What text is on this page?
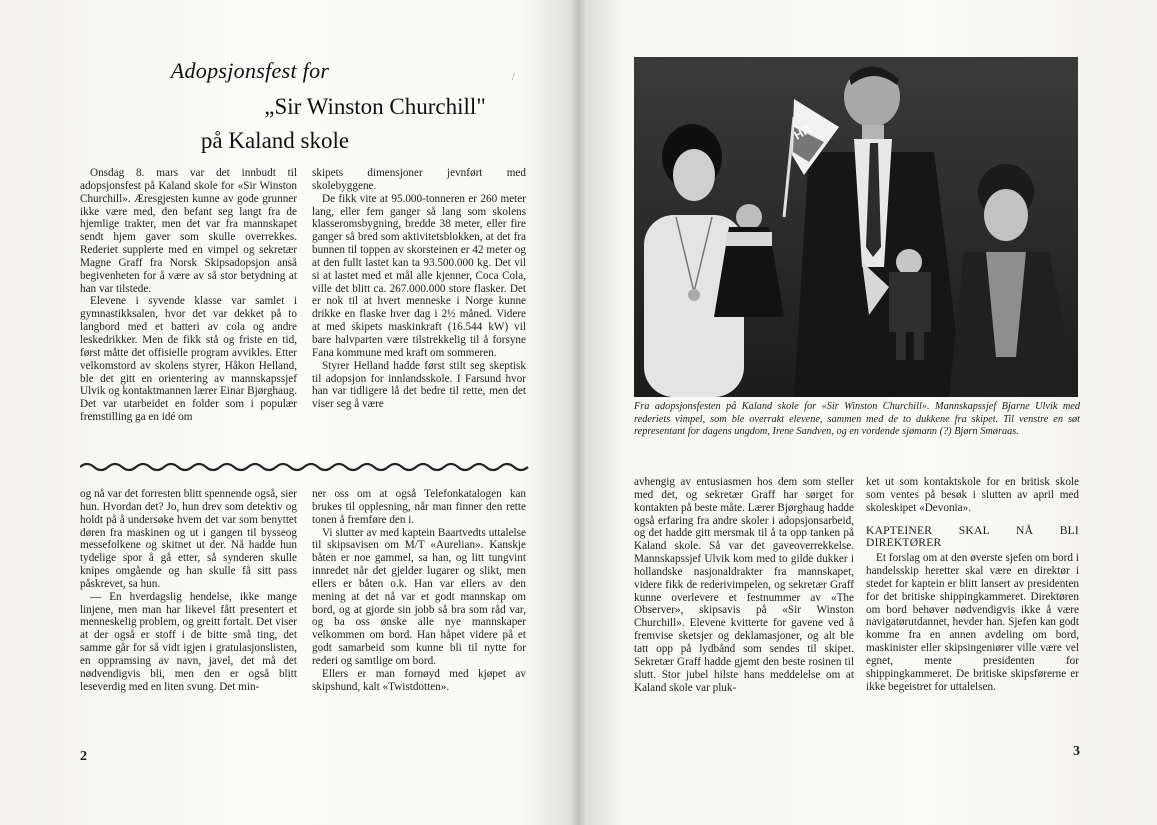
Adopsjonsfest for
„Sir Winston Churchill"
på Kaland skole
/

Onsdag 8. mars var det innbudt til adopsjonsfest på Kaland skole for «Sir Winston Churchill». Æresgjesten kunne av gode grunner ikke være med, den befant seg langt fra de hjemlige trakter, men det var fra mannskapet sendt hjem gaver som skulle overrekkes. Rederiet supplerte med en vimpel og sekretær Magne Graff fra Norsk Skipsadopsjon anså begivenheten for å være av så stor betydning at han var tilstede.

Elevene i syvende klasse var samlet i gymnastikksalen, hvor det var dekket på to langbord med et batteri av cola og andre leskedrikker. Men de fikk stå og friste en tid, først måtte det offisielle program avvikles. Etter velkomstord av skolens styrer, Håkon Helland, ble det gitt en orientering av mannskapssjef Ulvik og kontaktmannen lærer Einar Bjørghaug. Det var utarbeidet en folder som i populær fremstilling ga en idé om

skipets dimensjoner jevnført med skolebyggene.

De fikk vite at 95.000-tonneren er 260 meter lang, eller fem ganger så lang som skolens klasseromsbygning, bredde 38 meter, eller fire ganger så bred som aktivitetsblokken, at det fra bunnen til toppen av skorsteinen er 42 meter og at den fullt lastet kan ta 93.500.000 kg. Det vil si at lastet med et mål alle kjenner, Coca Cola, ville det blitt ca. 267.000.000 store flasker. Det er nok til at hvert menneske i Norge kunne drikke en flaske hver dag i 2½ måned. Videre at med skipets maskinkraft (16.544 kW) vil bare halvparten være tilstrekkelig til å forsyne Fana kommune med kraft om sommeren.

Styrer Helland hadde først stilt seg skeptisk til adopsjon for innlandsskole. I Farsund hvor han var tidligere lå det bedre til rette, men det viser seg å være

og nå var det forresten blitt spennende også, sier hun. Hvordan det? Jo, hun drev som detektiv og holdt på å undersøke hvem det var som benyttet døren fra maskinen og ut i gangen til bysseog messefolkene og skitnet ut der. Nå hadde hun tydelige spor å gå etter, så synderen skulle knipes omgående og han skulle få sitt pass påskrevet, sa hun.

— En hverdagslig hendelse, ikke mange linjene, men man har likevel fått presentert et menneskelig problem, og greitt fortalt. Det viser at der også er stoff i de bitte små ting, det samme går for så vidt igjen i gratulasjonslisten, en oppramsing av navn, javel, det må det nødvendigvis bli, men den er også blitt leseverdig med en liten svung. Det min-

ner oss om at også Telefonkatalogen kan brukes til opplesning, når man finner den rette tonen å fremføre den i.

Vi slutter av med kaptein Baartvedts uttalelse til skipsavisen om M/T «Aurelian». Kanskje båten er noe gammel, sa han, og litt tungvint innredet når det gjelder lugarer og slikt, men ellers er båten o.k. Han var ellers av den mening at det nå var et godt mannskap om bord, og at gjorde sin jobb så bra som råd var, og ba oss ønske alle nye mannskaper velkommen om bord. Han håpet videre på et godt samarbeid som kunne bli til nytte for rederi og samtlige om bord.

Ellers er man fornøyd med kjøpet av skipshund, kalt «Twistdotten».

2
HR
Fra adopsjonsfesten på Kaland skole for «Sir Winston Churchill». Mannskapssjef Bjarne Ulvik med rederiets vimpel, som ble overrakt elevene, sammen med de to dukkene fra skipet. Til venstre en søt representant for dagens ungdom, Irene Sandven, og en vordende sjømann (?) Bjørn Smøraas.

avhengig av entusiasmen hos dem som steller med det, og sekretær Graff har sørget for kontakten på beste måte. Lærer Bjørghaug hadde også erfaring fra andre skoler i adopsjonsarbeid, og det hadde gitt mersmak til å ta opp tanken på Kaland skole. Så var det gaveoverrekkelse. Mannskapssjef Ulvik kom med to gilde dukker i hollandske nasjonaldrakter fra mannskapet, videre fikk de rederivimpelen, og sekretær Graff kunne overlevere et festnummer av «The Observer», skipsavis på «Sir Winston Churchill». Elevene kvitterte for gavene ved å fremvise sketsjer og deklamasjoner, og alt ble tatt opp på lydbånd som sendes til skipet. Sekretær Graff hadde gjemt den beste rosinen til slutt. Stor jubel hilste hans meddelelse om at Kaland skole var pluk-

ket ut som kontaktskole for en britisk skole som ventes på besøk i slutten av april med skoleskipet «Devonia».

KAPTEINER SKAL NÅ BLI DIREKTØRER

Et forslag om at den øverste sjefen om bord i handelsskip heretter skal være en direktør i stedet for kaptein er blitt lansert av presidenten for det britiske shippingkammeret. Direktøren om bord behøver nødvendigvis ikke å være navigatørutdannet, hevder han. Sjefen kan godt komme fra en annen avdeling om bord, maskinister eller skipsingeniører ville være vel egnet, mente presidenten for shippingkammeret. De britiske skipsførerne er ikke begeistret for uttalelsen.

3
